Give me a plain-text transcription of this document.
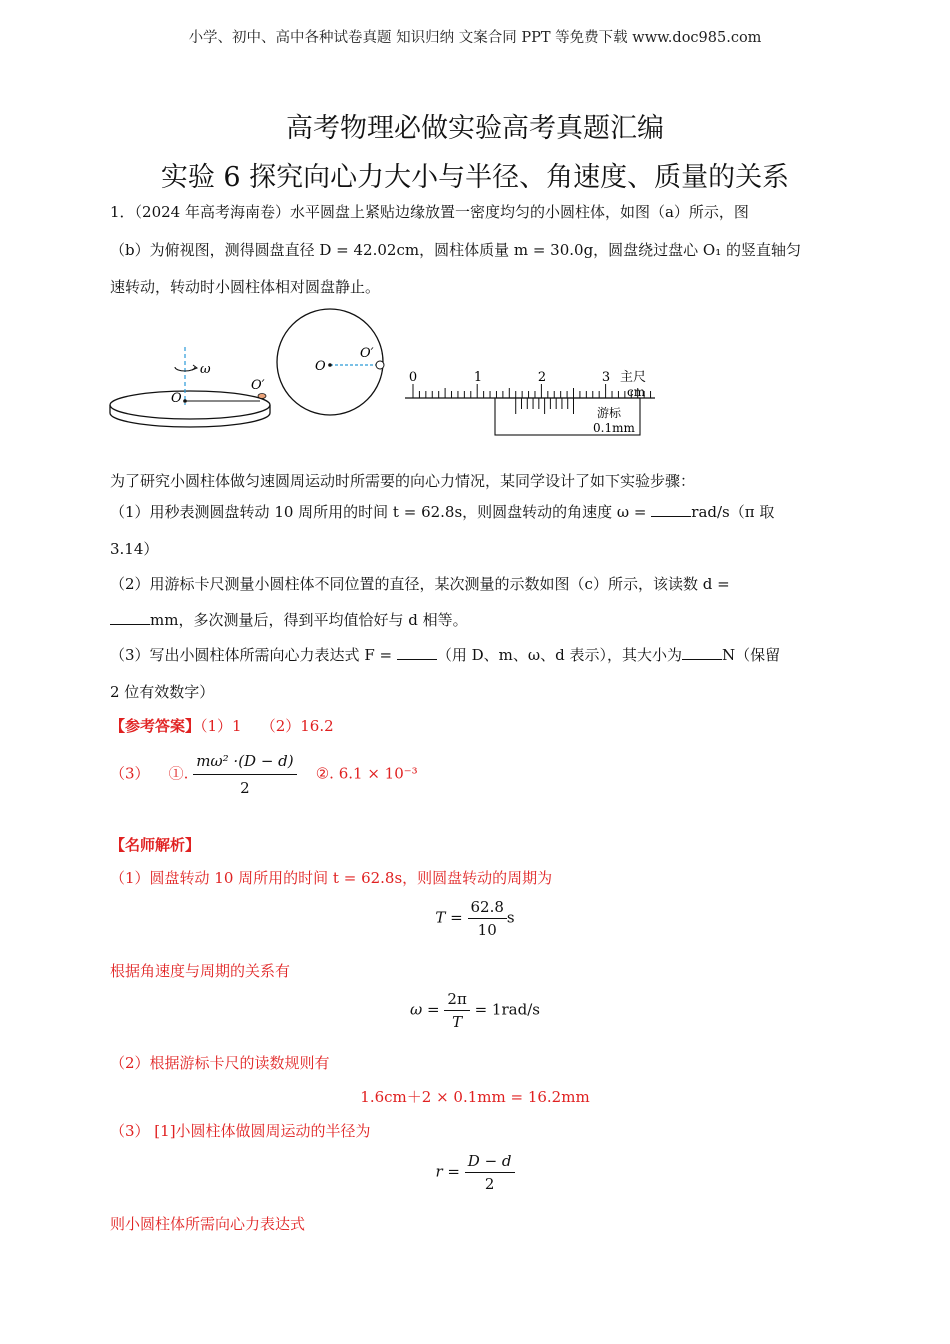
小学、初中、高中各种试卷真题 知识归纳 文案合同 PPT 等免费下载 www.doc985.com
高考物理必做实验高考真题汇编
实验 6 探究向心力大小与半径、角速度、质量的关系
1．（2024 年高考海南卷）水平圆盘上紧贴边缘放置一密度均匀的小圆柱体，如图（a）所示，图
（b）为俯视图，测得圆盘直径 D = 42.02cm，圆柱体质量 m = 30.0g，圆盘绕过盘心 O₁ 的竖直轴匀
速转动，转动时小圆柱体相对圆盘静止。
ω
O
O′
O
O′
0	1	2	3 主尺
cm
游标
0.1mm
为了研究小圆柱体做匀速圆周运动时所需要的向心力情况，某同学设计了如下实验步骤：
（1）用秒表测圆盘转动 10 周所用的时间 t = 62.8s，则圆盘转动的角速度 ω =	rad/s（π 取
3.14）
（2）用游标卡尺测量小圆柱体不同位置的直径，某次测量的示数如图（c）所示，该读数 d =
mm，多次测量后，得到平均值恰好与 d 相等。
（3）写出小圆柱体所需向心力表达式 F =	（用 D、m、ω、d 表示），其大小为	N（保留
2 位有效数字）
【参考答案】（1）1 （2）16.2
（3） ①. $\frac{\text{mω² ·(D − d)}}{2}$ ②. 6.1 × 10⁻³
【名师解析】
（1）圆盘转动 10 周所用的时间 t = 62.8s，则圆盘转动的周期为
$T = \frac{62.8}{10}$ s
根据角速度与周期的关系有
$\omega = \frac{2\pi}{T} = 1rad/s$
（2）根据游标卡尺的读数规则有
1.6cm＋2 × 0.1mm = 16.2mm
（3） [1]小圆柱体做圆周运动的半径为
$r = \frac{D - d}{2}$
则小圆柱体所需向心力表达式
